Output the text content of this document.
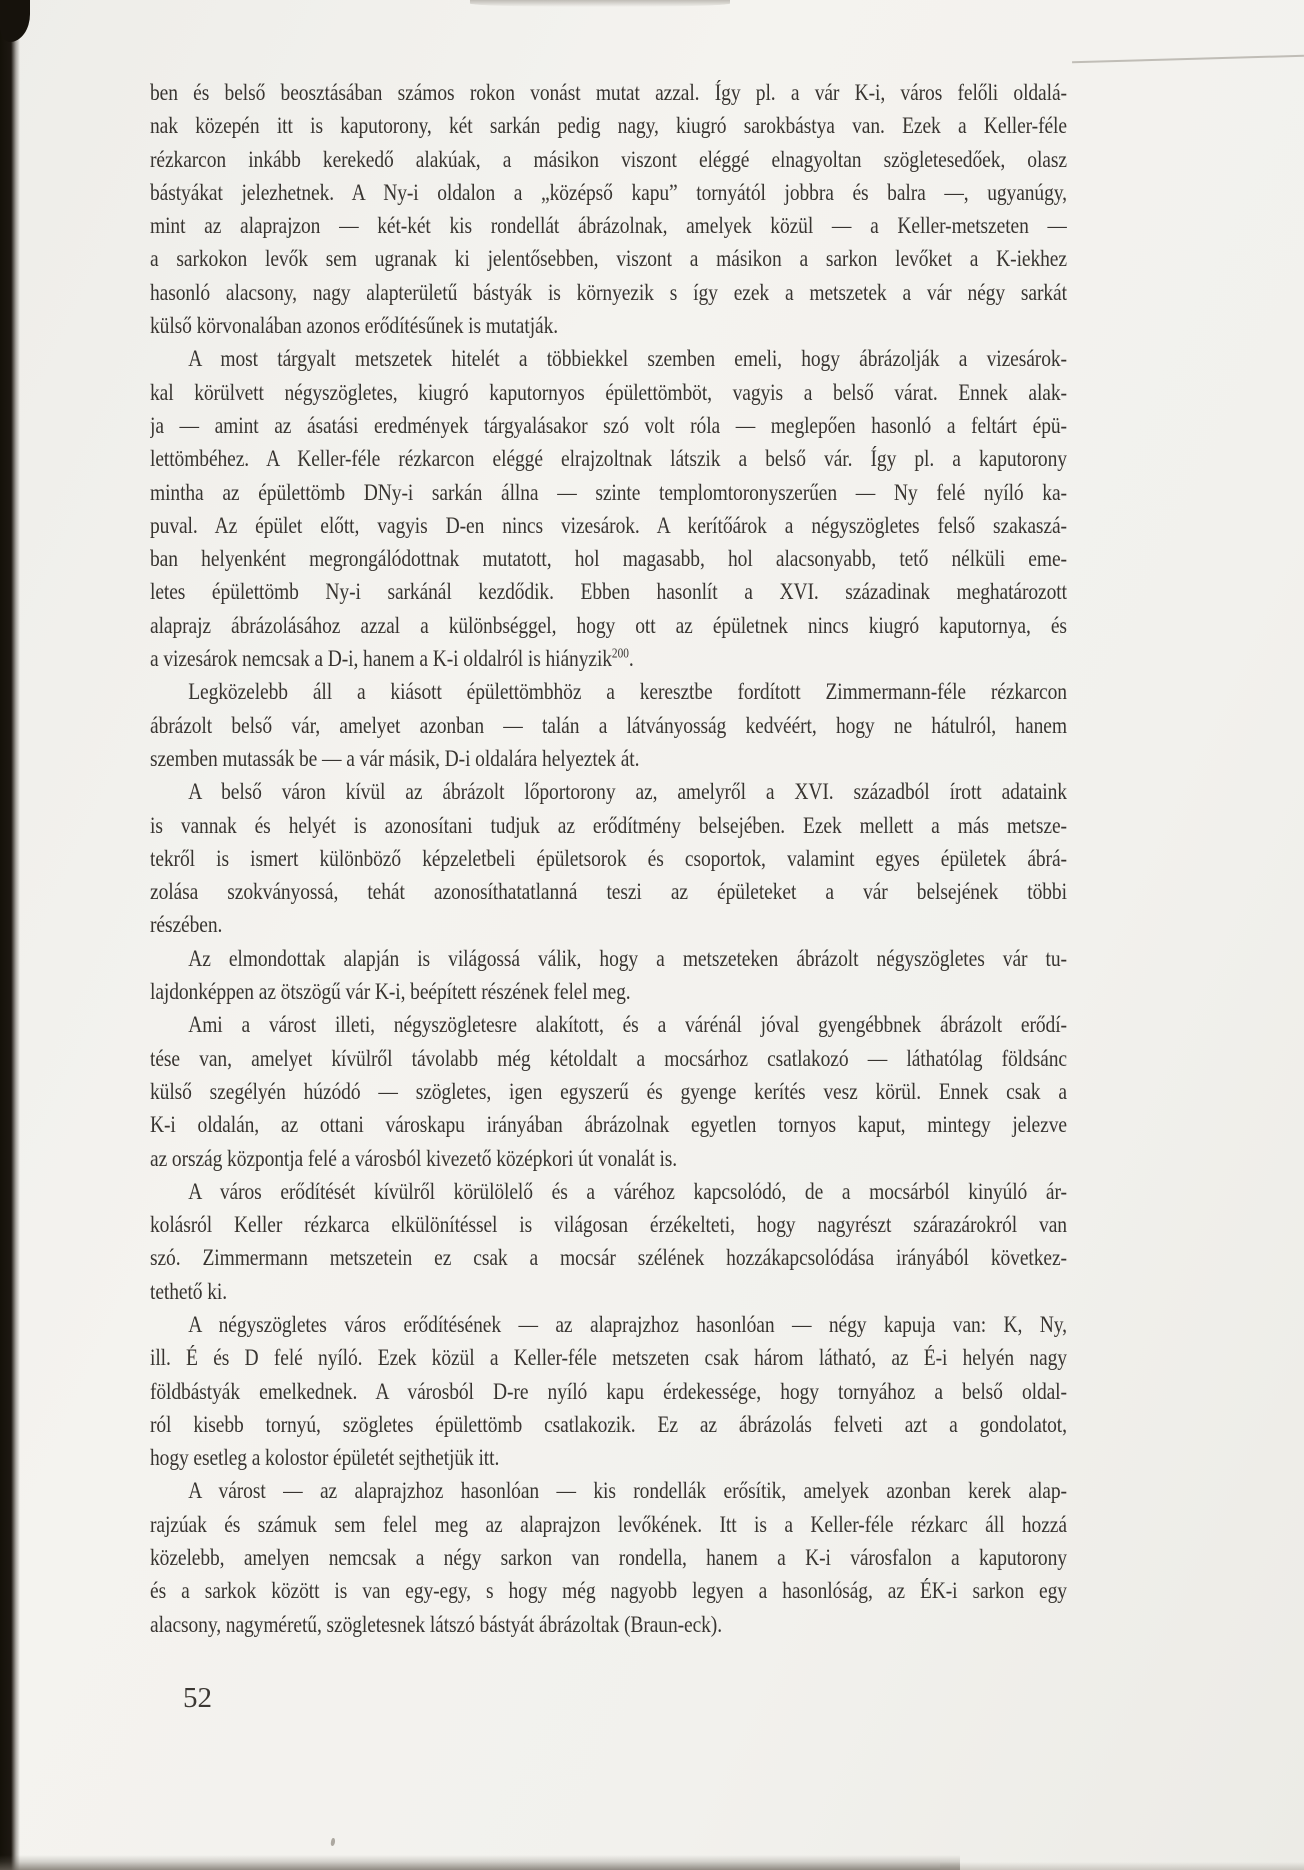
ben és belső beosztásában számos rokon vonást mutat azzal. Így pl. a vár K-i, város felőli oldalá-
nak közepén itt is kaputorony, két sarkán pedig nagy, kiugró sarokbástya van. Ezek a Keller-féle
rézkarcon inkább kerekedő alakúak, a másikon viszont eléggé elnagyoltan szögletesedőek, olasz
bástyákat jelezhetnek. A Ny-i oldalon a „középső kapu” tornyától jobbra és balra —, ugyanúgy,
mint az alaprajzon — két-két kis rondellát ábrázolnak, amelyek közül — a Keller-metszeten —
a sarkokon levők sem ugranak ki jelentősebben, viszont a másikon a sarkon levőket a K-iekhez
hasonló alacsony, nagy alapterületű bástyák is környezik s így ezek a metszetek a vár négy sarkát
külső körvonalában azonos erődítésűnek is mutatják.
A most tárgyalt metszetek hitelét a többiekkel szemben emeli, hogy ábrázolják a vizesárok-
kal körülvett négyszögletes, kiugró kaputornyos épülettömböt, vagyis a belső várat. Ennek alak-
ja — amint az ásatási eredmények tárgyalásakor szó volt róla — meglepően hasonló a feltárt épü-
lettömbéhez. A Keller-féle rézkarcon eléggé elrajzoltnak látszik a belső vár. Így pl. a kaputorony
mintha az épülettömb DNy-i sarkán állna — szinte templomtoronyszerűen — Ny felé nyíló ka-
puval. Az épület előtt, vagyis D-en nincs vizesárok. A kerítőárok a négyszögletes felső szakaszá-
ban helyenként megrongálódottnak mutatott, hol magasabb, hol alacsonyabb, tető nélküli eme-
letes épülettömb Ny-i sarkánál kezdődik. Ebben hasonlít a XVI. századinak meghatározott
alaprajz ábrázolásához azzal a különbséggel, hogy ott az épületnek nincs kiugró kaputornya, és
a vizesárok nemcsak a D-i, hanem a K-i oldalról is hiányzik$^{200}$.
Legközelebb áll a kiásott épülettömbhöz a keresztbe fordított Zimmermann-féle rézkarcon
ábrázolt belső vár, amelyet azonban — talán a látványosság kedvéért, hogy ne hátulról, hanem
szemben mutassák be — a vár másik, D-i oldalára helyeztek át.
A belső váron kívül az ábrázolt lőportorony az, amelyről a XVI. századból írott adataink
is vannak és helyét is azonosítani tudjuk az erődítmény belsejében. Ezek mellett a más metsze-
tekről is ismert különböző képzeletbeli épületsorok és csoportok, valamint egyes épületek ábrá-
zolása szokványossá, tehát azonosíthatatlanná teszi az épületeket a vár belsejének többi
részében.
Az elmondottak alapján is világossá válik, hogy a metszeteken ábrázolt négyszögletes vár tu-
lajdonképpen az ötszögű vár K-i, beépített részének felel meg.
Ami a várost illeti, négyszögletesre alakított, és a várénál jóval gyengébbnek ábrázolt erődí-
tése van, amelyet kívülről távolabb még kétoldalt a mocsárhoz csatlakozó — láthatólag földsánc
külső szegélyén húzódó — szögletes, igen egyszerű és gyenge kerítés vesz körül. Ennek csak a
K-i oldalán, az ottani városkapu irányában ábrázolnak egyetlen tornyos kaput, mintegy jelezve
az ország központja felé a városból kivezető középkori út vonalát is.
A város erődítését kívülről körülölelő és a váréhoz kapcsolódó, de a mocsárból kinyúló ár-
kolásról Keller rézkarca elkülönítéssel is világosan érzékelteti, hogy nagyrészt szárazárokról van
szó. Zimmermann metszetein ez csak a mocsár szélének hozzákapcsolódása irányából következ-
tethető ki.
A négyszögletes város erődítésének — az alaprajzhoz hasonlóan — négy kapuja van: K, Ny,
ill. É és D felé nyíló. Ezek közül a Keller-féle metszeten csak három látható, az É-i helyén nagy
földbástyák emelkednek. A városból D-re nyíló kapu érdekessége, hogy tornyához a belső oldal-
ról kisebb tornyú, szögletes épülettömb csatlakozik. Ez az ábrázolás felveti azt a gondolatot,
hogy esetleg a kolostor épületét sejthetjük itt.
A várost — az alaprajzhoz hasonlóan — kis rondellák erősítik, amelyek azonban kerek alap-
rajzúak és számuk sem felel meg az alaprajzon levőkének. Itt is a Keller-féle rézkarc áll hozzá
közelebb, amelyen nemcsak a négy sarkon van rondella, hanem a K-i városfalon a kaputorony
és a sarkok között is van egy-egy, s hogy még nagyobb legyen a hasonlóság, az ÉK-i sarkon egy
alacsony, nagyméretű, szögletesnek látszó bástyát ábrázoltak (Braun-eck).
52
